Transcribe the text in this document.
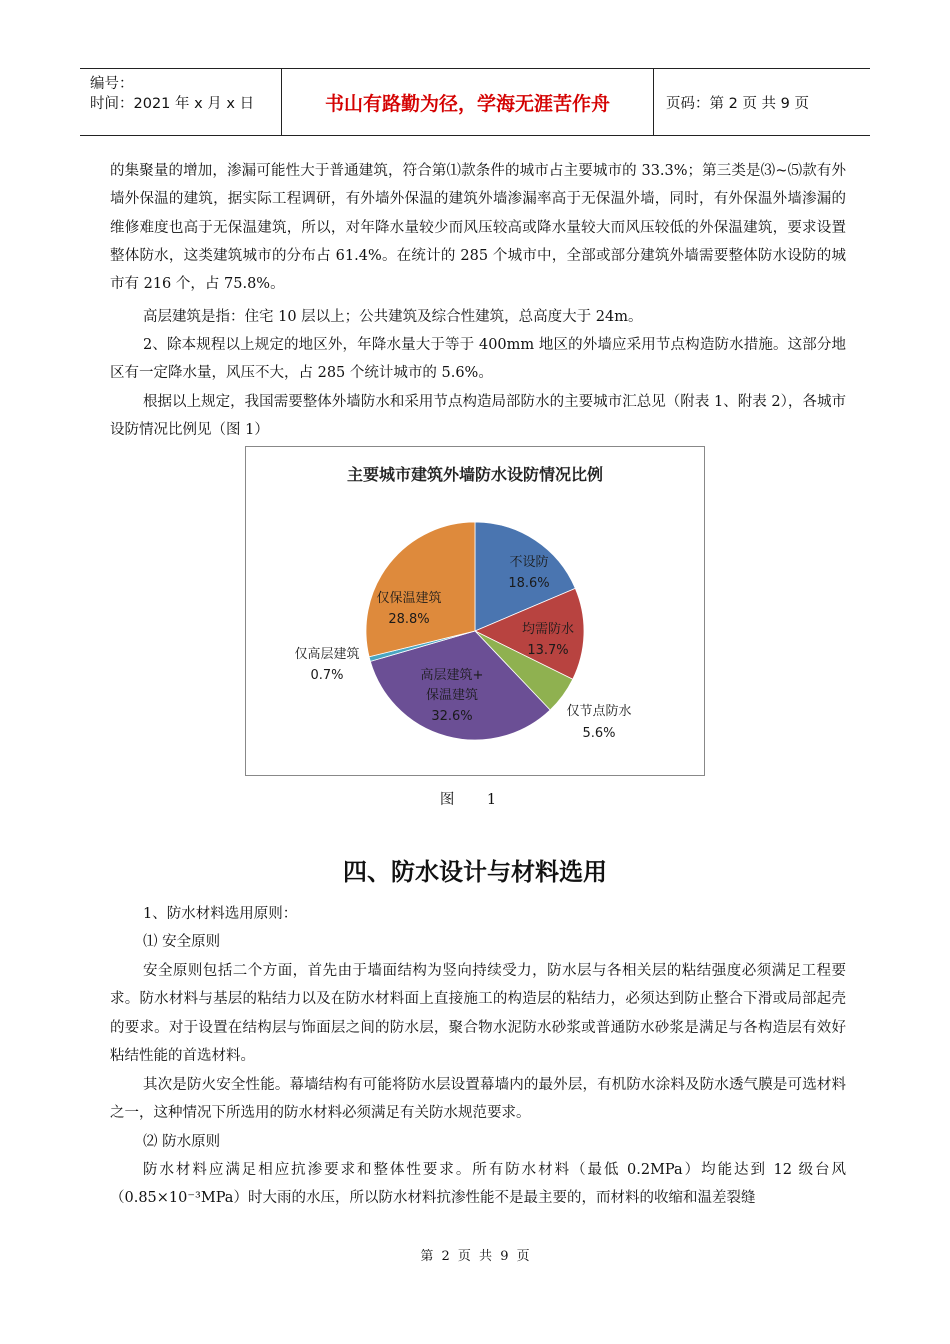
编号：
时间：2021 年 x 月 x 日	书山有路勤为径，学海无涯苦作舟	页码：第 2 页 共 9 页

的集聚量的增加，渗漏可能性大于普通建筑，符合第⑴款条件的城市占主要城市的 33.3%；第三类是⑶~⑸款有外墙外保温的建筑，据实际工程调研，有外墙外保温的建筑外墙渗漏率高于无保温外墙，同时，有外保温外墙渗漏的维修难度也高于无保温建筑，所以，对年降水量较少而风压较高或降水量较大而风压较低的外保温建筑，要求设置整体防水，这类建筑城市的分布占 61.4%。在统计的 285 个城市中，全部或部分建筑外墙需要整体防水设防的城市有 216 个，占 75.8%。

高层建筑是指：住宅 10 层以上；公共建筑及综合性建筑，总高度大于 24m。

2、除本规程以上规定的地区外，年降水量大于等于 400mm 地区的外墙应采用节点构造防水措施。这部分地区有一定降水量，风压不大，占 285 个统计城市的 5.6%。

根据以上规定，我国需要整体外墙防水和采用节点构造局部防水的主要城市汇总见（附表 1、附表 2），各城市设防情况比例见（图 1）

主要城市建筑外墙防水设防情况比例
不设防
18.6%
均需防水
13.7%
仅节点防水
5.6%
高层建筑+
保温建筑
32.6%
仅高层建筑
0.7%
仅保温建筑
28.8%
图 1
四、防水设计与材料选用

1、防水材料选用原则：

⑴ 安全原则

安全原则包括二个方面，首先由于墙面结构为竖向持续受力，防水层与各相关层的粘结强度必须满足工程要求。防水材料与基层的粘结力以及在防水材料面上直接施工的构造层的粘结力，必须达到防止整合下滑或局部起壳的要求。对于设置在结构层与饰面层之间的防水层，聚合物水泥防水砂浆或普通防水砂浆是满足与各构造层有效好粘结性能的首选材料。

其次是防火安全性能。幕墙结构有可能将防水层设置幕墙内的最外层，有机防水涂料及防水透气膜是可选材料之一，这种情况下所选用的防水材料必须满足有关防水规范要求。

⑵ 防水原则

防水材料应满足相应抗渗要求和整体性要求。所有防水材料（最低 0.2MPa）均能达到 12 级台风（0.85×10⁻³MPa）时大雨的水压，所以防水材料抗渗性能不是最主要的，而材料的收缩和温差裂缝

第 2 页 共 9 页
